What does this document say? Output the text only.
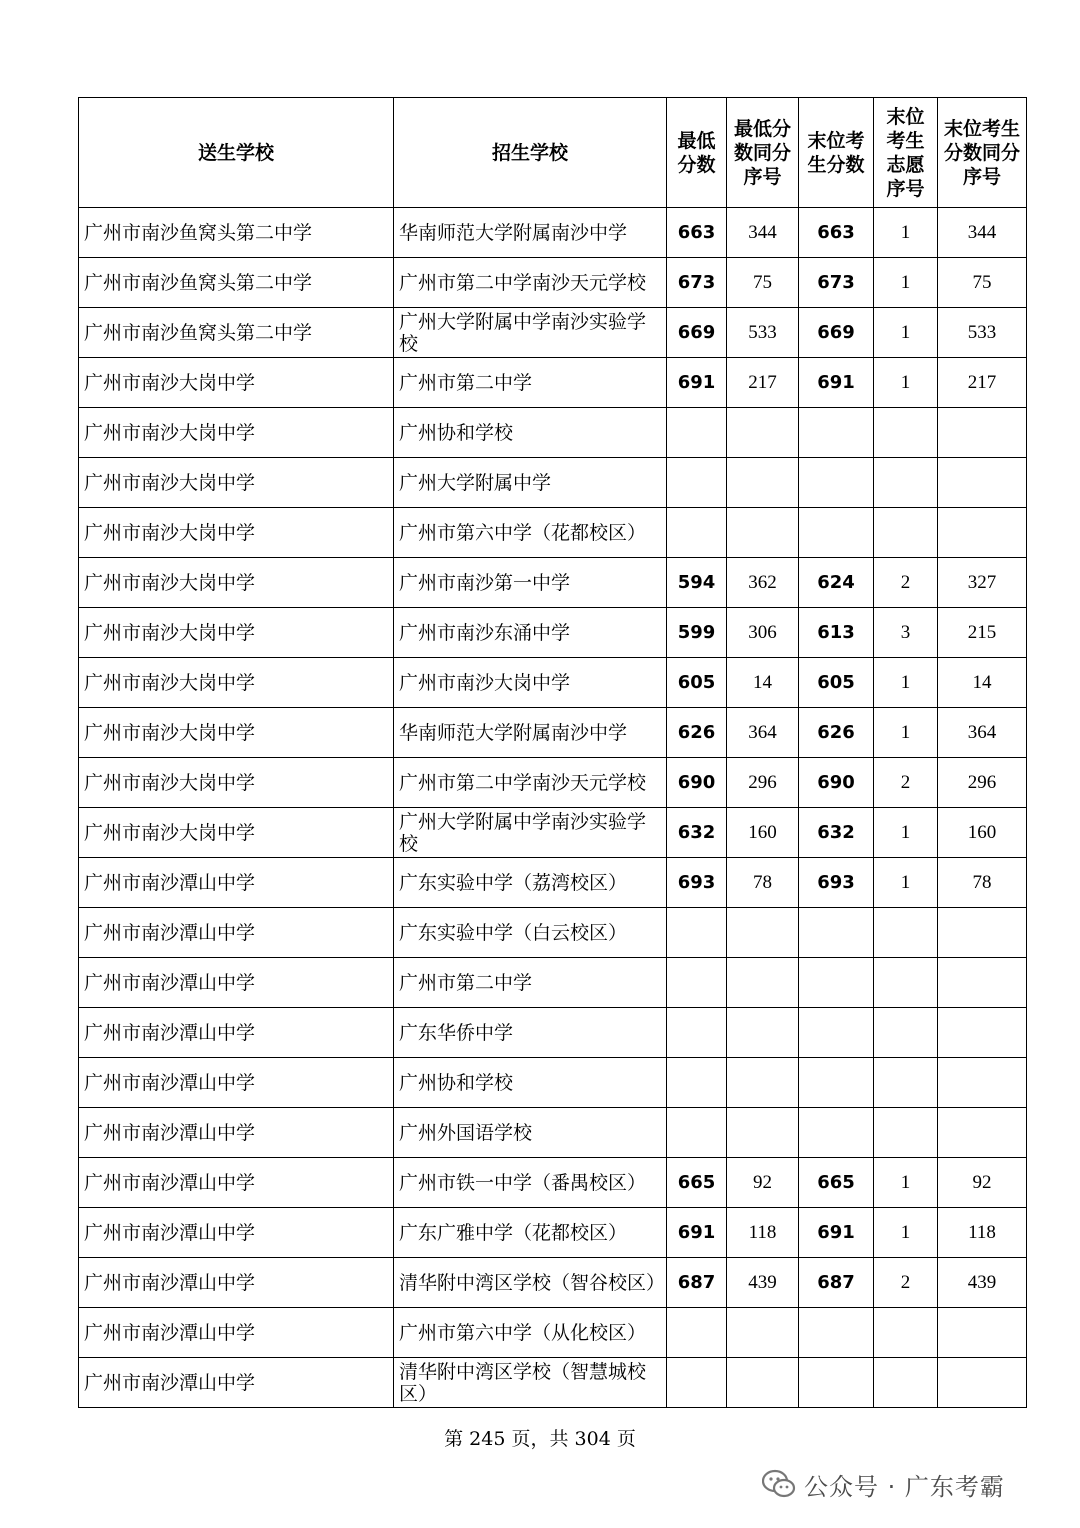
送生学校	招生学校	最低分数	最低分数同分序号	末位考生分数	末位考生志愿序号	末位考生分数同分序号

广州市南沙鱼窝头第二中学	华南师范大学附属南沙中学	663	344	663	1	344
广州市南沙鱼窝头第二中学	广州市第二中学南沙天元学校	673	75	673	1	75
广州市南沙鱼窝头第二中学	广州大学附属中学南沙实验学校	669	533	669	1	533
广州市南沙大岗中学	广州市第二中学	691	217	691	1	217
广州市南沙大岗中学	广州协和学校					
广州市南沙大岗中学	广州大学附属中学					
广州市南沙大岗中学	广州市第六中学（花都校区）					
广州市南沙大岗中学	广州市南沙第一中学	594	362	624	2	327
广州市南沙大岗中学	广州市南沙东涌中学	599	306	613	3	215
广州市南沙大岗中学	广州市南沙大岗中学	605	14	605	1	14
广州市南沙大岗中学	华南师范大学附属南沙中学	626	364	626	1	364
广州市南沙大岗中学	广州市第二中学南沙天元学校	690	296	690	2	296
广州市南沙大岗中学	广州大学附属中学南沙实验学校	632	160	632	1	160
广州市南沙潭山中学	广东实验中学（荔湾校区）	693	78	693	1	78
广州市南沙潭山中学	广东实验中学（白云校区）					
广州市南沙潭山中学	广州市第二中学					
广州市南沙潭山中学	广东华侨中学					
广州市南沙潭山中学	广州协和学校					
广州市南沙潭山中学	广州外国语学校					
广州市南沙潭山中学	广州市铁一中学（番禺校区）	665	92	665	1	92
广州市南沙潭山中学	广东广雅中学（花都校区）	691	118	691	1	118
广州市南沙潭山中学	清华附中湾区学校（智谷校区）	687	439	687	2	439
广州市南沙潭山中学	广州市第六中学（从化校区）					
广州市南沙潭山中学	清华附中湾区学校（智慧城校区）					
第 245 页，共 304 页
公众号 · 广东考霸
